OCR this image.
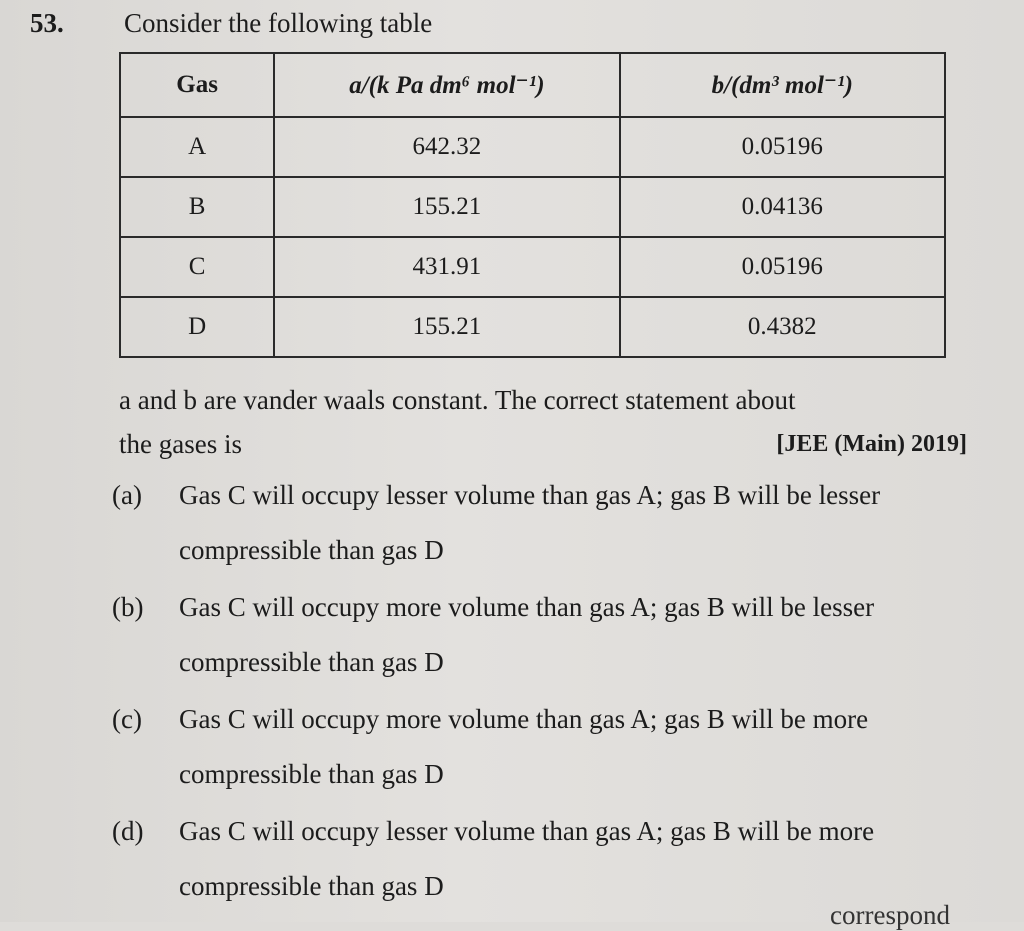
53. Consider the following table
Gas	a/(k Pa dm⁶ mol⁻¹)	b/(dm³ mol⁻¹)
A	642.32	0.05196
B	155.21	0.04136
C	431.91	0.05196
D	155.21	0.4382
a and b are vander waals constant. The correct statement about
the gases is	[JEE (Main) 2019]
(a) Gas C will occupy lesser volume than gas A; gas B will be lesser compressible than gas D
(b) Gas C will occupy more volume than gas A; gas B will be lesser compressible than gas D
(c) Gas C will occupy more volume than gas A; gas B will be more compressible than gas D
(d) Gas C will occupy lesser volume than gas A; gas B will be more compressible than gas D
correspond
